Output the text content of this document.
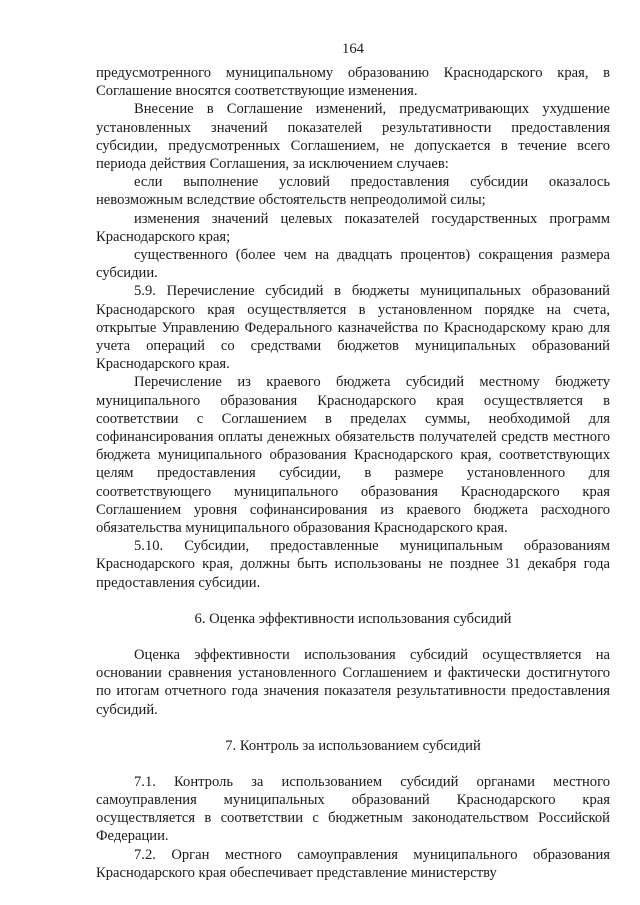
164

предусмотренного муниципальному образованию Краснодарского края, в Соглашение вносятся соответствующие изменения.

Внесение в Соглашение изменений, предусматривающих ухудшение установленных значений показателей результативности предоставления субсидии, предусмотренных Соглашением, не допускается в течение всего периода действия Соглашения, за исключением случаев:

если выполнение условий предоставления субсидии оказалось невозможным вследствие обстоятельств непреодолимой силы;

изменения значений целевых показателей государственных программ Краснодарского края;

существенного (более чем на двадцать процентов) сокращения размера субсидии.

5.9. Перечисление субсидий в бюджеты муниципальных образований Краснодарского края осуществляется в установленном порядке на счета, открытые Управлению Федерального казначейства по Краснодарскому краю для учета операций со средствами бюджетов муниципальных образований Краснодарского края.

Перечисление из краевого бюджета субсидий местному бюджету муниципального образования Краснодарского края осуществляется в соответствии с Соглашением в пределах суммы, необходимой для софинансирования оплаты денежных обязательств получателей средств местного бюджета муниципального образования Краснодарского края, соответствующих целям предоставления субсидии, в размере установленного для соответствующего муниципального образования Краснодарского края Соглашением уровня софинансирования из краевого бюджета расходного обязательства муниципального образования Краснодарского края.

5.10. Субсидии, предоставленные муниципальным образованиям Краснодарского края, должны быть использованы не позднее 31 декабря года предоставления субсидии.

6. Оценка эффективности использования субсидий

Оценка эффективности использования субсидий осуществляется на основании сравнения установленного Соглашением и фактически достигнутого по итогам отчетного года значения показателя результативности предоставления субсидий.

7. Контроль за использованием субсидий

7.1. Контроль за использованием субсидий органами местного самоуправления муниципальных образований Краснодарского края осуществляется в соответствии с бюджетным законодательством Российской Федерации.

7.2. Орган местного самоуправления муниципального образования Краснодарского края обеспечивает представление министерству
